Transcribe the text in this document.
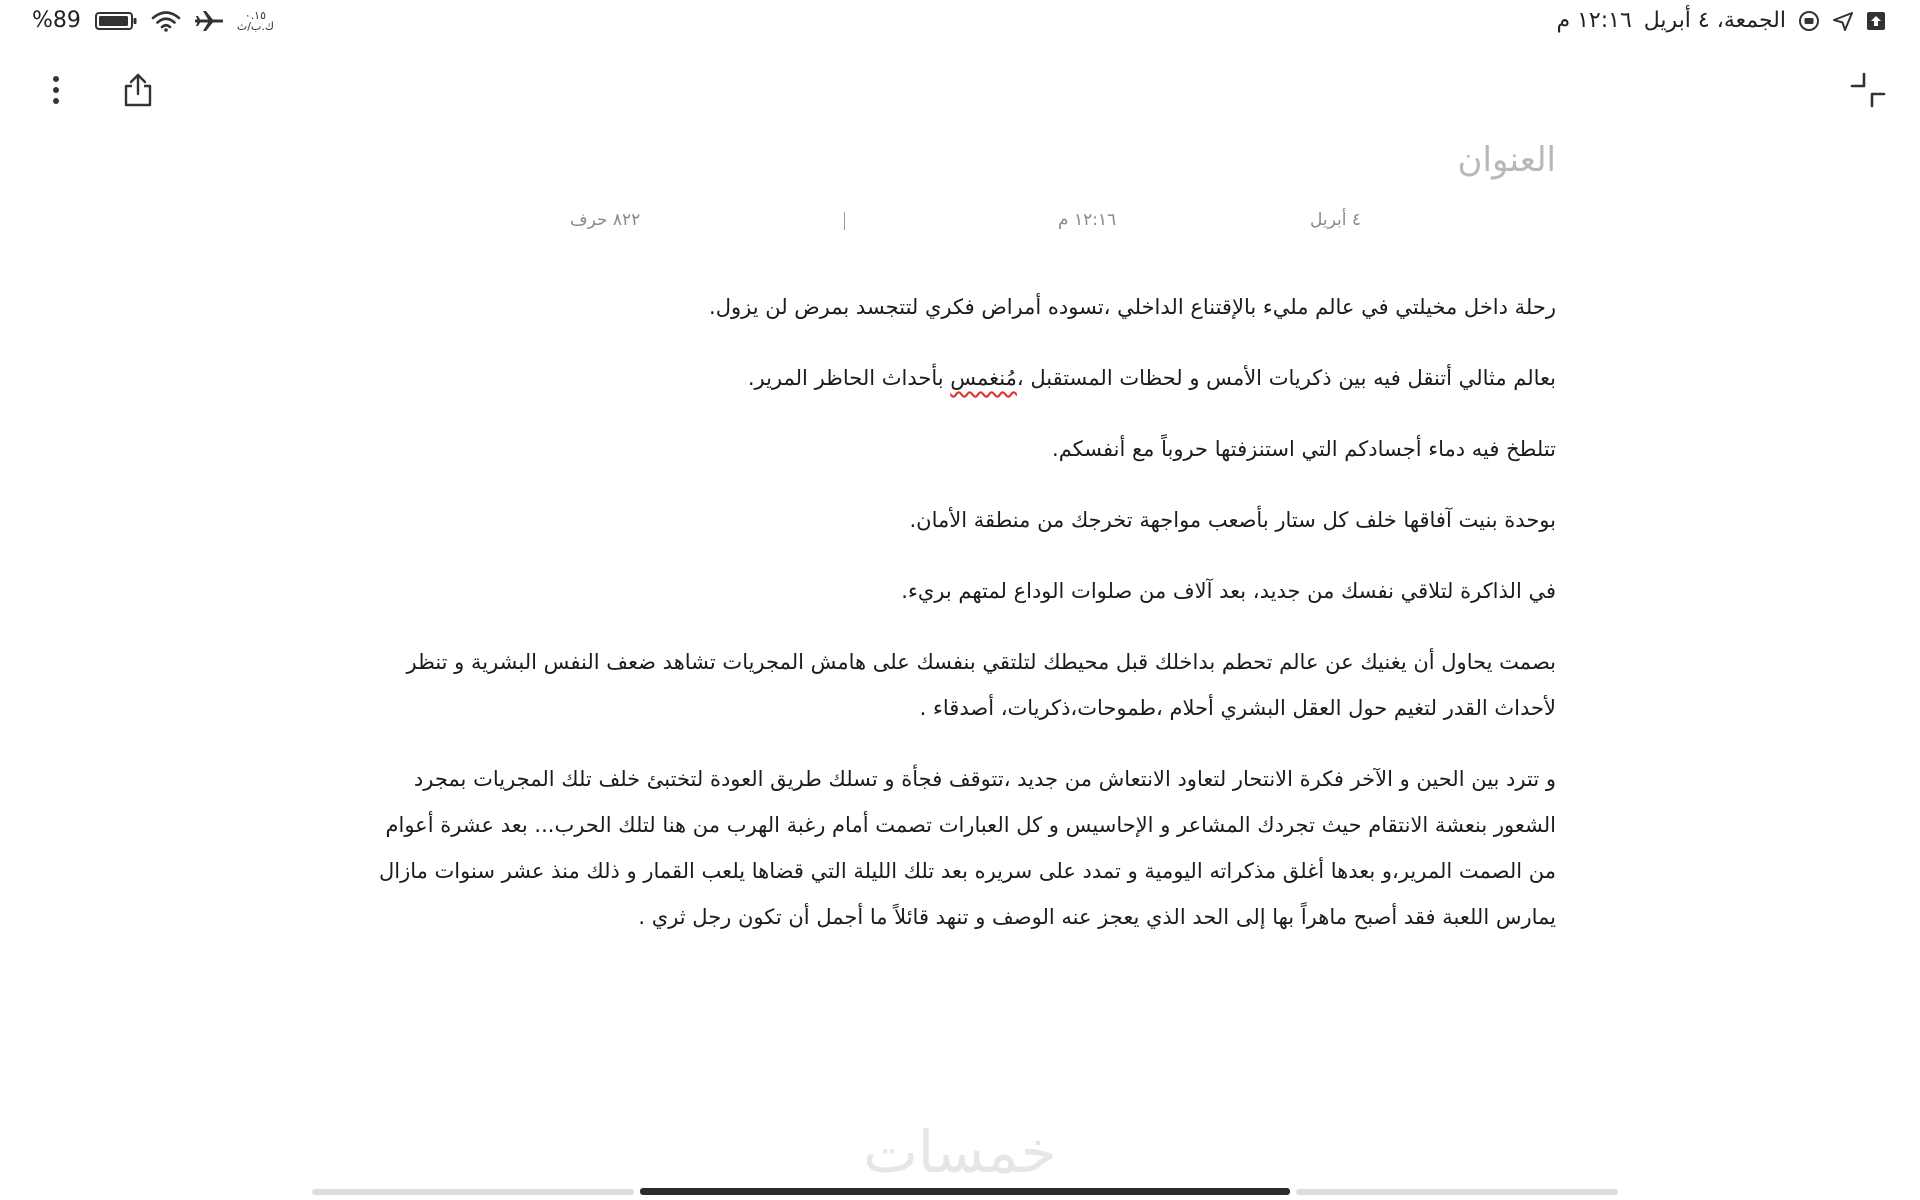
١٢:١٦ م الجمعة، ٤ أبريل
%89	٠.١٥
ك.ب/ث
العنوان
٤ أبريل
١٢:١٦ م
٨٢٢ حرف

رحلة داخل مخيلتي في عالم مليء بالإقتناع الداخلي ،تسوده أمراض فكري لتتجسد بمرض لن يزول.

بعالم مثالي أتنقل فيه بين ذكريات الأمس و لحظات المستقبل ،مُنغمس بأحداث الحاظر المرير.

تتلطخ فيه دماء أجسادكم التي استنزفتها حروباً مع أنفسكم.

بوحدة بنيت آفاقها خلف كل ستار بأصعب مواجهة تخرجك من منطقة الأمان.

في الذاكرة لتلاقي نفسك من جديد، بعد آلاف من صلوات الوداع لمتهم بريء.

بصمت يحاول أن يغنيك عن عالم تحطم بداخلك قبل محيطك لتلتقي بنفسك على هامش المجريات تشاهد ضعف النفس البشرية و تنظر لأحداث القدر لتغيم حول العقل البشري أحلام ،طموحات،ذكريات، أصدقاء .

و تترد بين الحين و الآخر فكرة الانتحار لتعاود الانتعاش من جديد ،تتوقف فجأة و تسلك طريق العودة لتختبئ خلف تلك المجريات بمجرد الشعور بنعشة الانتقام حيث تجردك المشاعر و الإحاسيس و كل العبارات تصمت أمام رغبة الهرب من هنا لتلك الحرب... بعد عشرة أعوام من الصمت المرير،و بعدها أغلق مذكراته اليومية و تمدد على سريره بعد تلك الليلة التي قضاها يلعب القمار و ذلك منذ عشر سنوات مازال يمارس اللعبة فقد أصبح ماهراً بها إلى الحد الذي يعجز عنه الوصف و تنهد قائلاً ما أجمل أن تكون رجل ثري .

خمسات
